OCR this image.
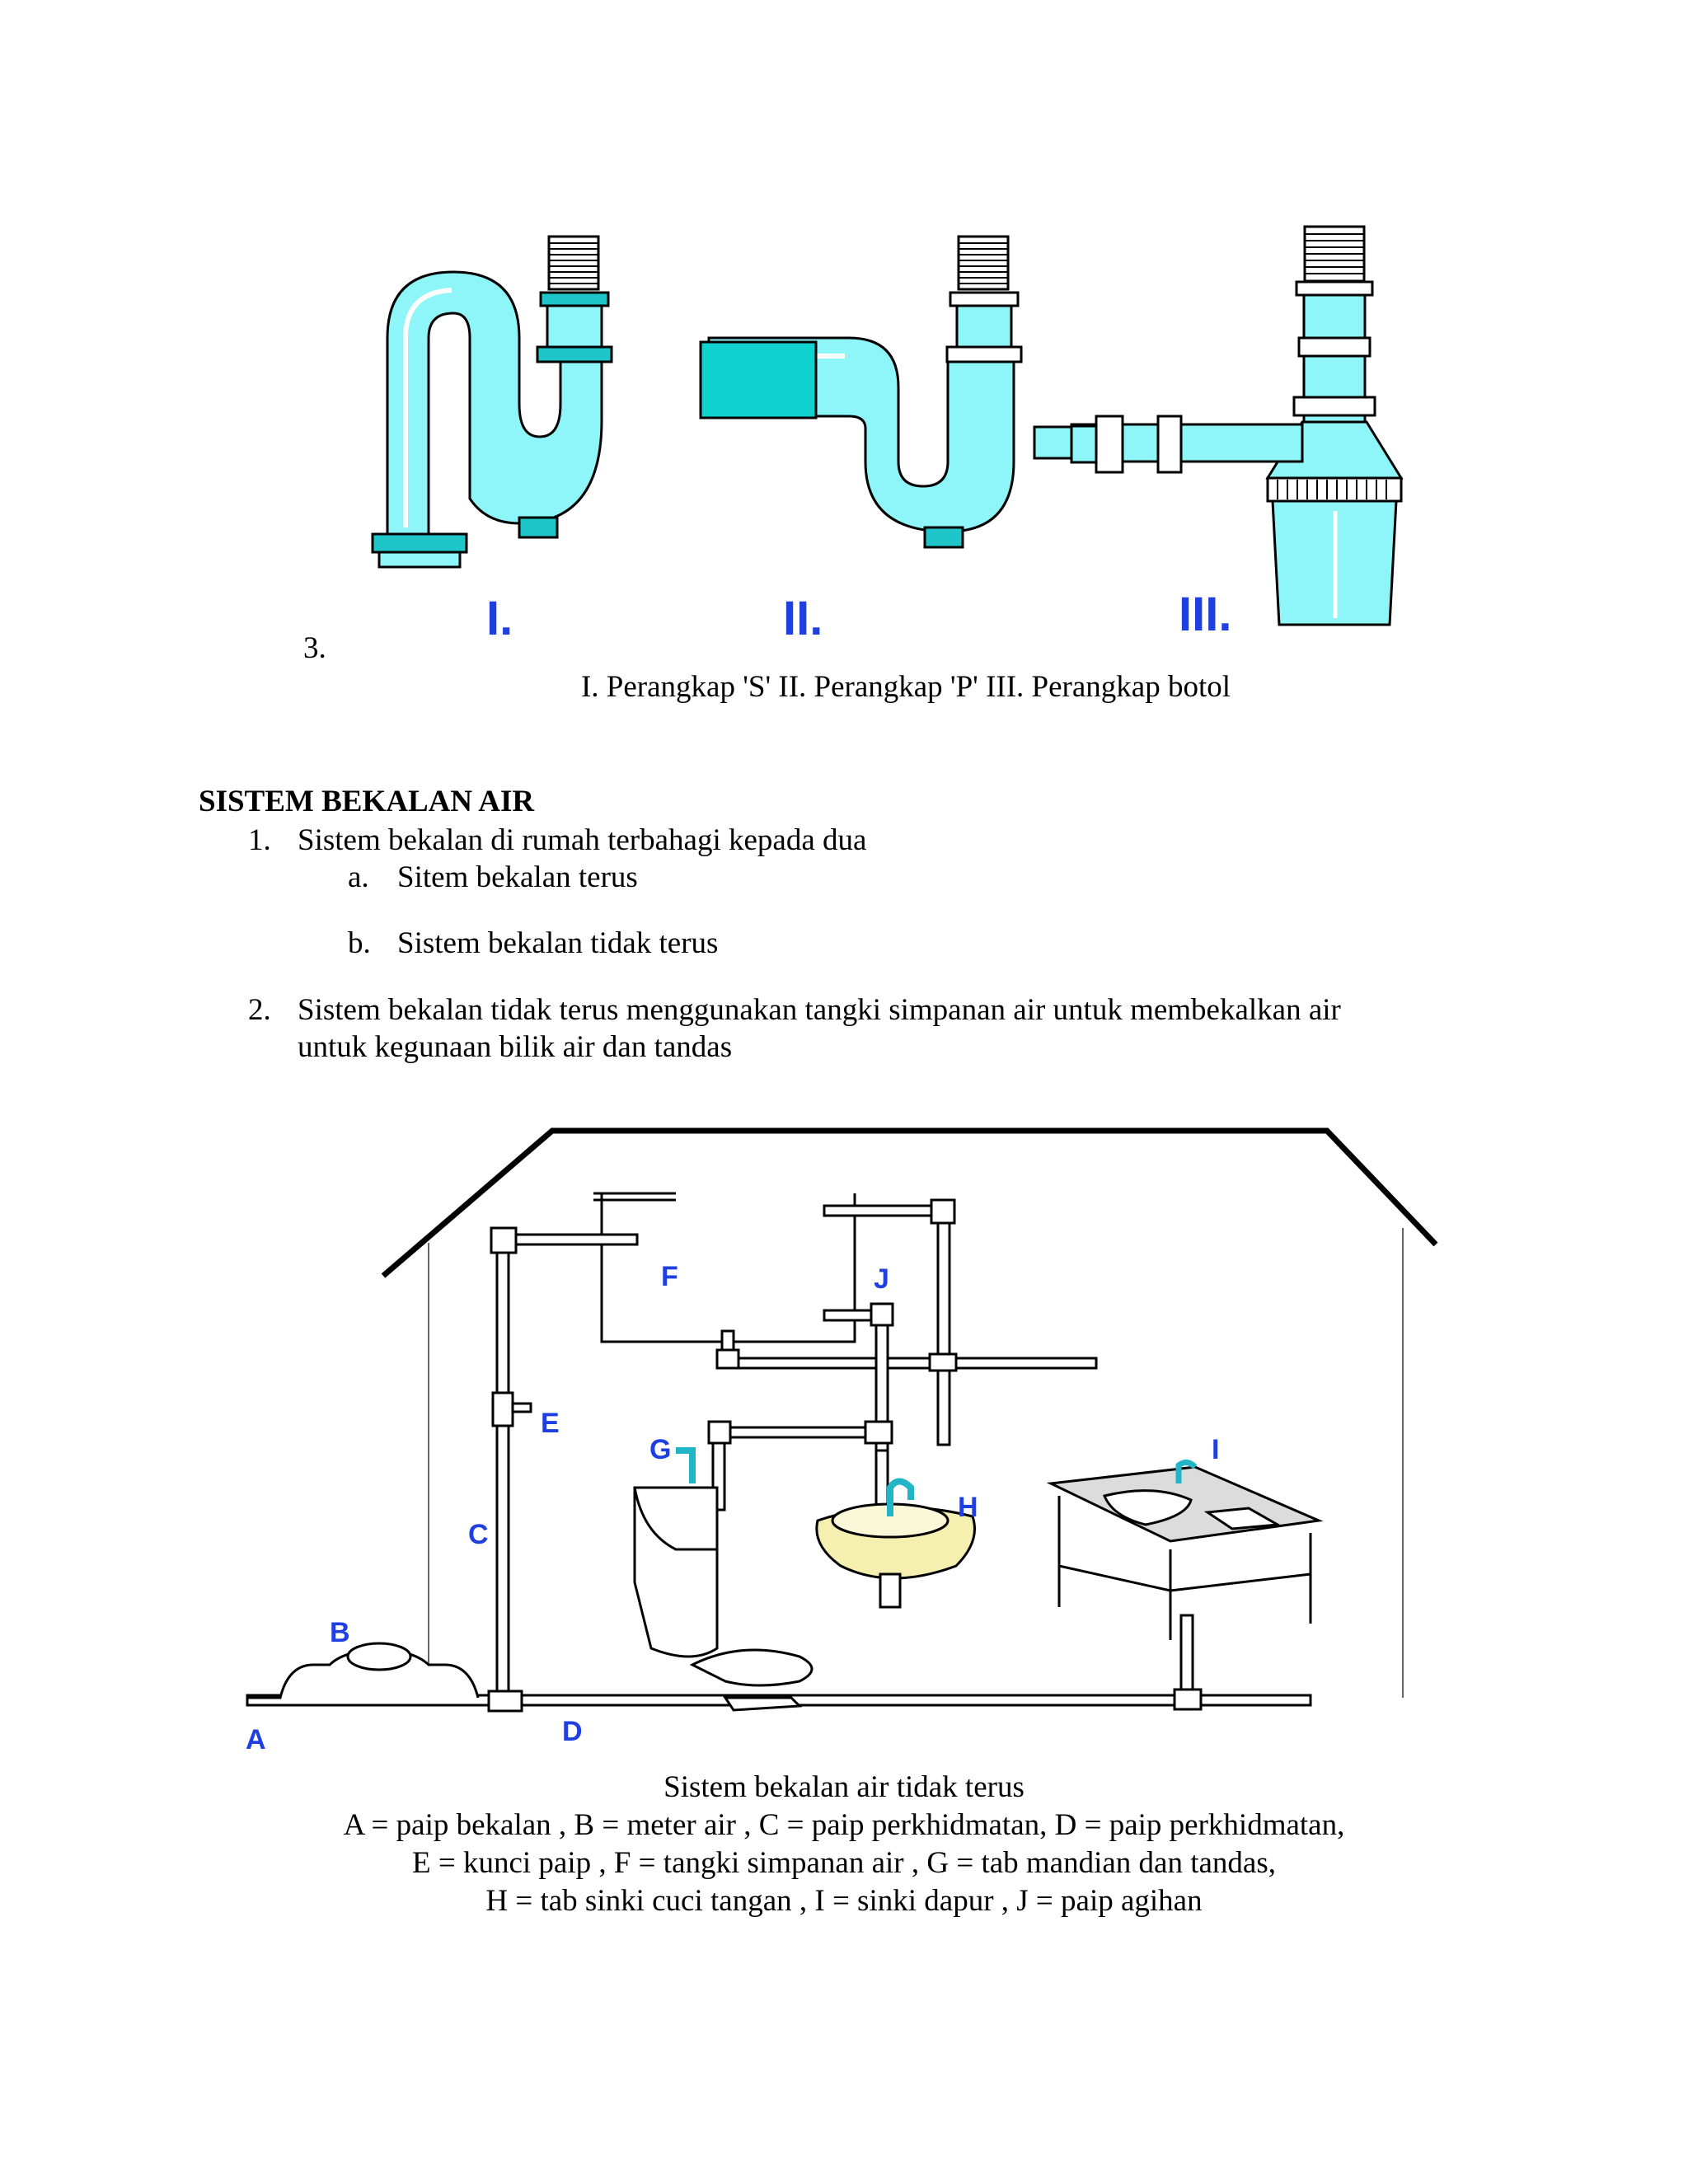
I.	II.	III.
3.
I. Perangkap 'S' II. Perangkap 'P' III. Perangkap botol
SISTEM BEKALAN AIR
1. Sistem bekalan di rumah terbahagi kepada dua
a. Sitem bekalan terus
b. Sistem bekalan tidak terus
2. Sistem bekalan tidak terus menggunakan tangki simpanan air untuk membekalkan air
untuk kegunaan bilik air dan tandas
A
B
C
D
E
F
G
H
I
J
Sistem bekalan air tidak terus
A = paip bekalan , B = meter air , C = paip perkhidmatan, D = paip perkhidmatan,
E = kunci paip , F = tangki simpanan air , G = tab mandian dan tandas,
H = tab sinki cuci tangan , I = sinki dapur , J = paip agihan
